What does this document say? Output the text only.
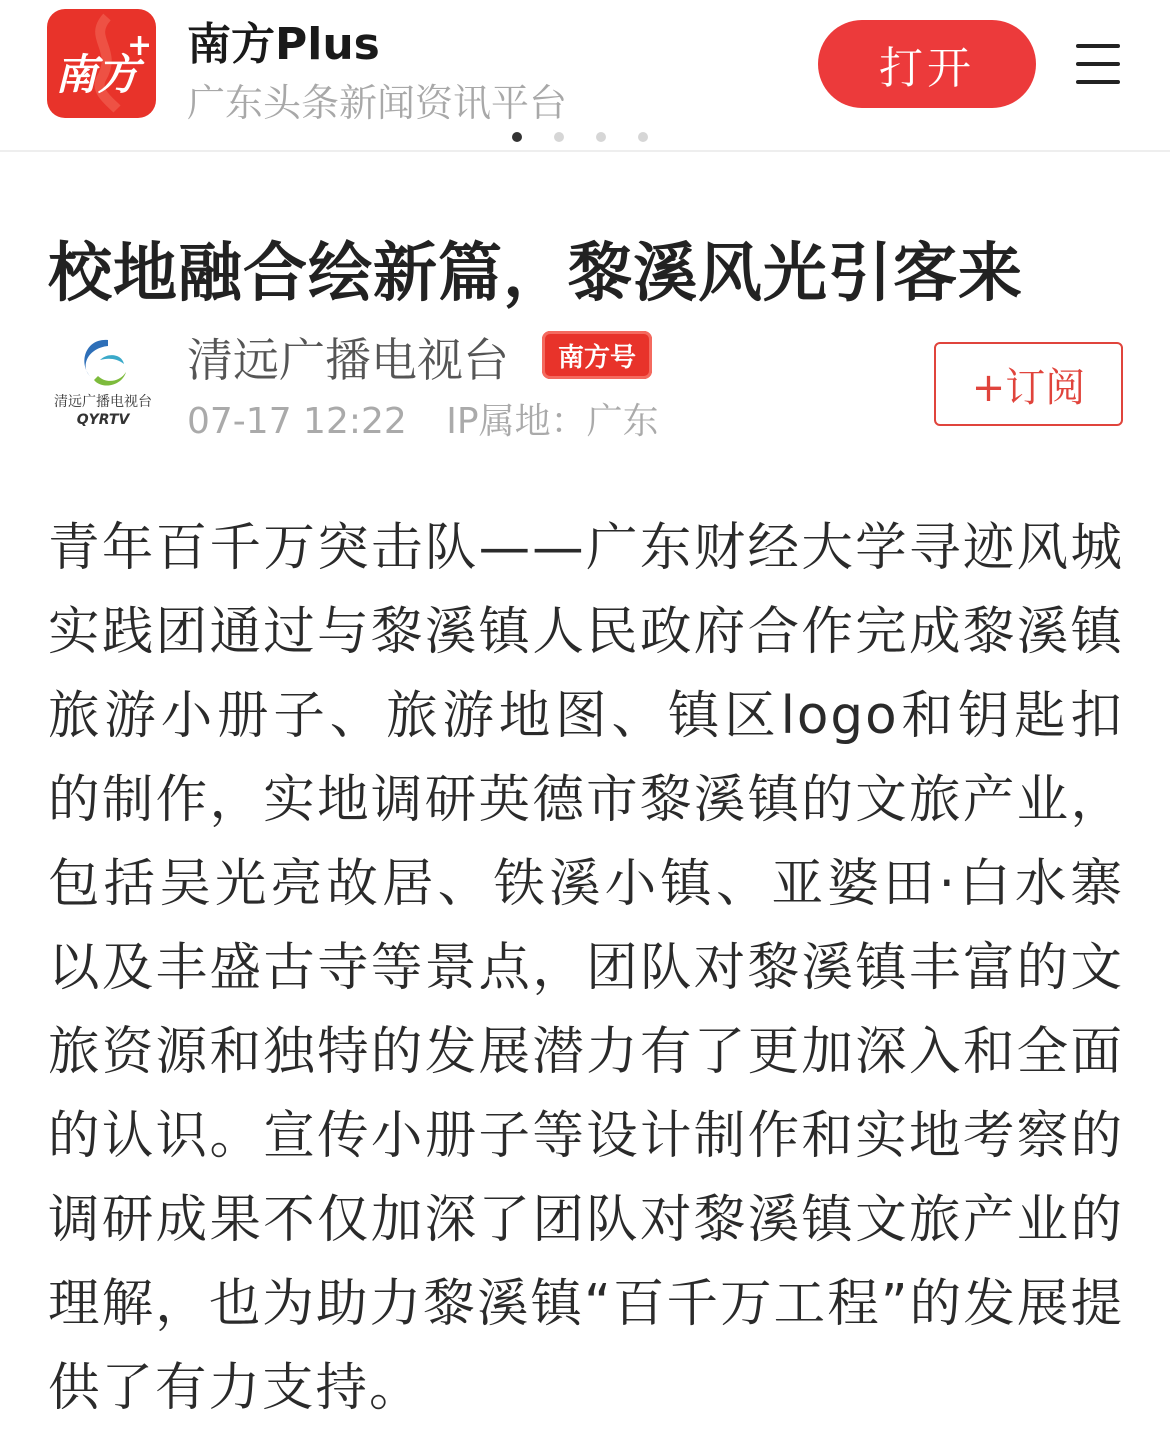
南方
+ 南方Plus
广东头条新闻资讯平台
打开
校地融合绘新篇，黎溪风光引客来
清远广播电视台
QYRTV
清远广播电视台	南方号
07-17 12:22 IP属地：广东
+订阅

青年百千万突击队——广东财经大学寻迹风城实践团通过与黎溪镇人民政府合作完成黎溪镇旅游小册子、旅游地图、镇区logo和钥匙扣的制作，实地调研英德市黎溪镇的文旅产业，包括吴光亮故居、铁溪小镇、亚婆田·白水寨以及丰盛古寺等景点，团队对黎溪镇丰富的文旅资源和独特的发展潜力有了更加深入和全面的认识。宣传小册子等设计制作和实地考察的调研成果不仅加深了团队对黎溪镇文旅产业的理解，也为助力黎溪镇“百千万工程”的发展提供了有力支持。
